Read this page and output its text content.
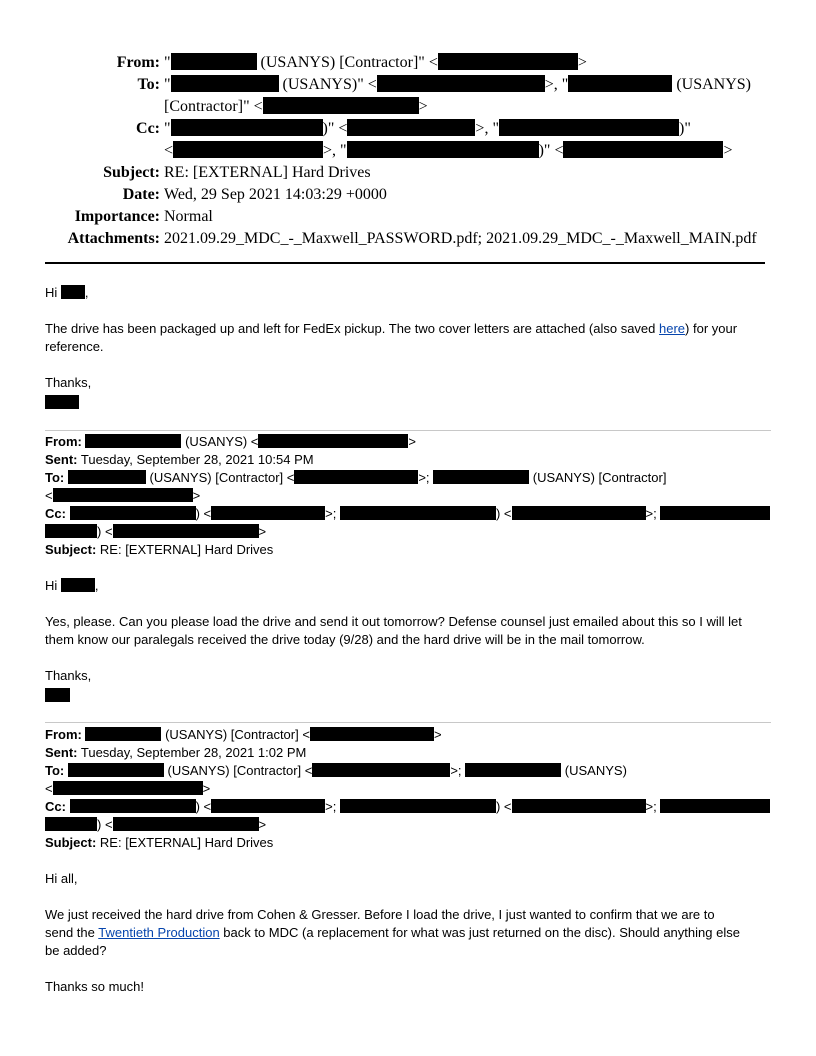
From: "	(USANYS) [Contractor]" <	>
To: "	(USANYS)" <	>, "	(USANYS)
[Contractor]" <	>
Cc: "	)" <	>, "	)"
<	>, "	)" <	>
Subject: RE: [EXTERNAL] Hard Drives
Date: Wed, 29 Sep 2021 14:03:29 +0000
Importance: Normal
Attachments: 2021.09.29_MDC_-_Maxwell_PASSWORD.pdf; 2021.09.29_MDC_-_Maxwell_MAIN.pdf
Hi ,
The drive has been packaged up and left for FedEx pickup. The two cover letters are attached (also saved here) for your
reference.
Thanks,
From:	(USANYS) <	>
Sent: Tuesday, September 28, 2021 10:54 PM
To:	(USANYS) [Contractor] <	>;	(USANYS) [Contractor]
<	>
Cc:	) <	>;	) <	>;
) <	>
Subject: RE: [EXTERNAL] Hard Drives
Hi	,
Yes, please. Can you please load the drive and send it out tomorrow? Defense counsel just emailed about this so I will let
them know our paralegals received the drive today (9/28) and the hard drive will be in the mail tomorrow.
Thanks,
From:	(USANYS) [Contractor] <	>
Sent: Tuesday, September 28, 2021 1:02 PM
To:	(USANYS) [Contractor] <	>;	(USANYS)
<	>
Cc:	) <	>;	) <	>;
) <	>
Subject: RE: [EXTERNAL] Hard Drives
Hi all,
We just received the hard drive from Cohen & Gresser. Before I load the drive, I just wanted to confirm that we are to
send the Twentieth Production back to MDC (a replacement for what was just returned on the disc). Should anything else
be added?
Thanks so much!
